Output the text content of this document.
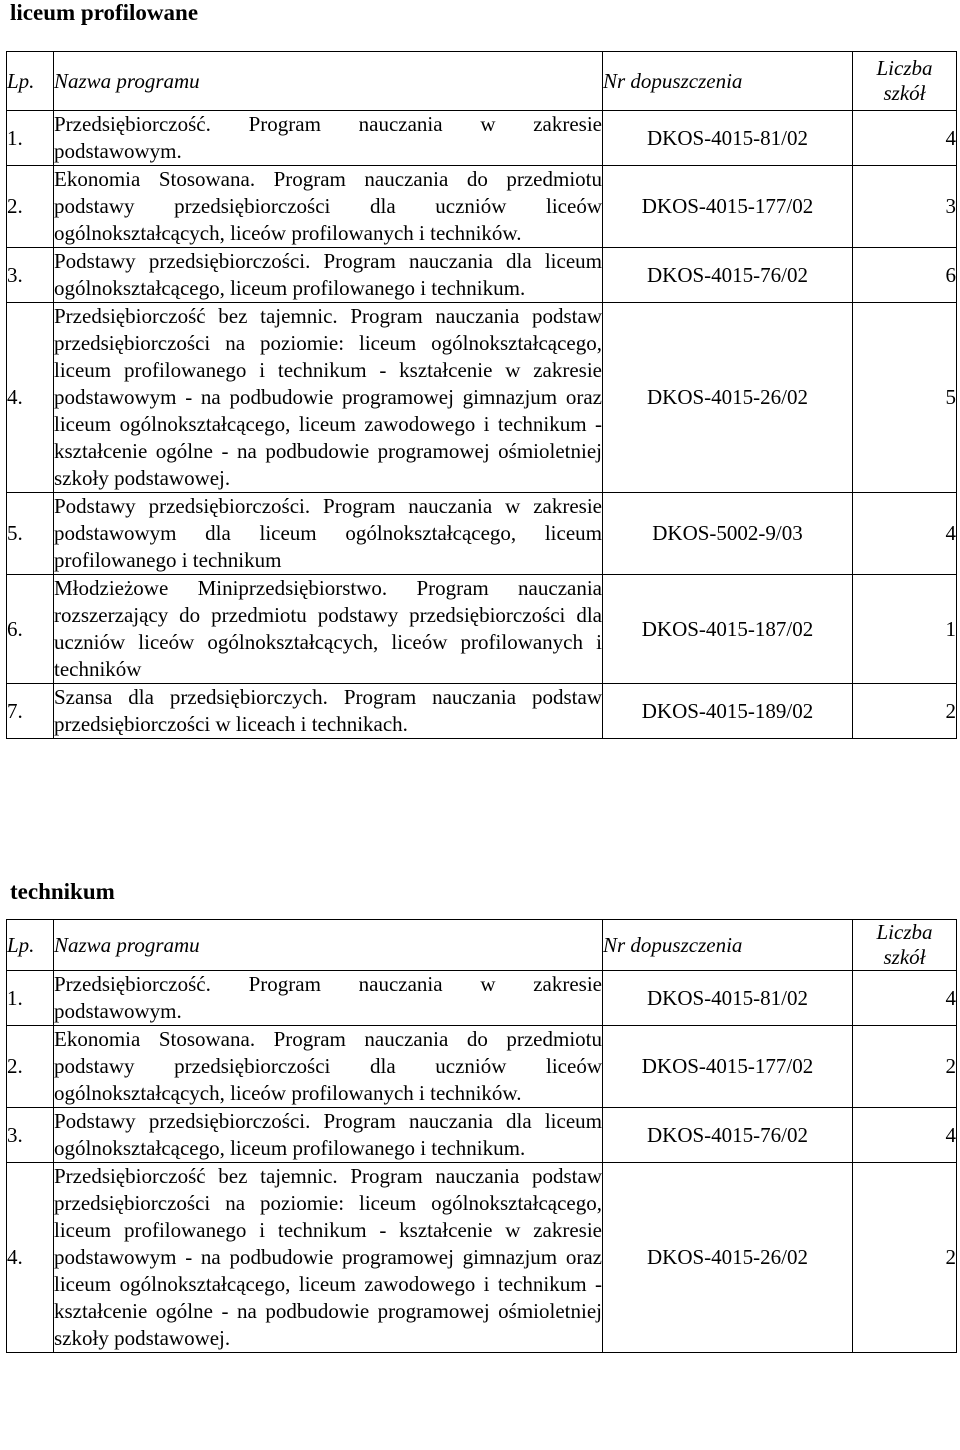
liceum profilowane
Lp.	Nazwa programu	Nr dopuszczenia	Liczba
szkół
1.	Przedsiębiorczość. Program nauczania w zakresie podstawowym.	DKOS-4015-81/02	4
2.	Ekonomia Stosowana. Program nauczania do przedmiotu podstawy przedsiębiorczości dla uczniów liceów ogólnokształcących, liceów profilowanych i techników.	DKOS-4015-177/02	3
3.	Podstawy przedsiębiorczości. Program nauczania dla liceum ogólnokształcącego, liceum profilowanego i technikum.	DKOS-4015-76/02	6
4.	Przedsiębiorczość bez tajemnic. Program nauczania podstaw przedsiębiorczości na poziomie: liceum ogólnokształcącego, liceum profilowanego i technikum - kształcenie w zakresie podstawowym - na podbudowie programowej gimnazjum oraz liceum ogólnokształcącego, liceum zawodowego i technikum - kształcenie ogólne - na podbudowie programowej ośmioletniej szkoły podstawowej.	DKOS-4015-26/02	5
5.	Podstawy przedsiębiorczości. Program nauczania w zakresie podstawowym dla liceum ogólnokształcącego, liceum profilowanego i technikum	DKOS-5002-9/03	4
6.	Młodzieżowe Miniprzedsiębiorstwo. Program nauczania rozszerzający do przedmiotu podstawy przedsiębiorczości dla uczniów liceów ogólnokształcących, liceów profilowanych i techników	DKOS-4015-187/02	1
7.	Szansa dla przedsiębiorczych. Program nauczania podstaw przedsiębiorczości w liceach i technikach.	DKOS-4015-189/02	2
technikum
Lp.	Nazwa programu	Nr dopuszczenia	Liczba
szkół
1.	Przedsiębiorczość. Program nauczania w zakresie podstawowym.	DKOS-4015-81/02	4
2.	Ekonomia Stosowana. Program nauczania do przedmiotu podstawy przedsiębiorczości dla uczniów liceów ogólnokształcących, liceów profilowanych i techników.	DKOS-4015-177/02	2
3.	Podstawy przedsiębiorczości. Program nauczania dla liceum ogólnokształcącego, liceum profilowanego i technikum.	DKOS-4015-76/02	4
4.	Przedsiębiorczość bez tajemnic. Program nauczania podstaw przedsiębiorczości na poziomie: liceum ogólnokształcącego, liceum profilowanego i technikum - kształcenie w zakresie podstawowym - na podbudowie programowej gimnazjum oraz liceum ogólnokształcącego, liceum zawodowego i technikum - kształcenie ogólne - na podbudowie programowej ośmioletniej szkoły podstawowej.	DKOS-4015-26/02	2
